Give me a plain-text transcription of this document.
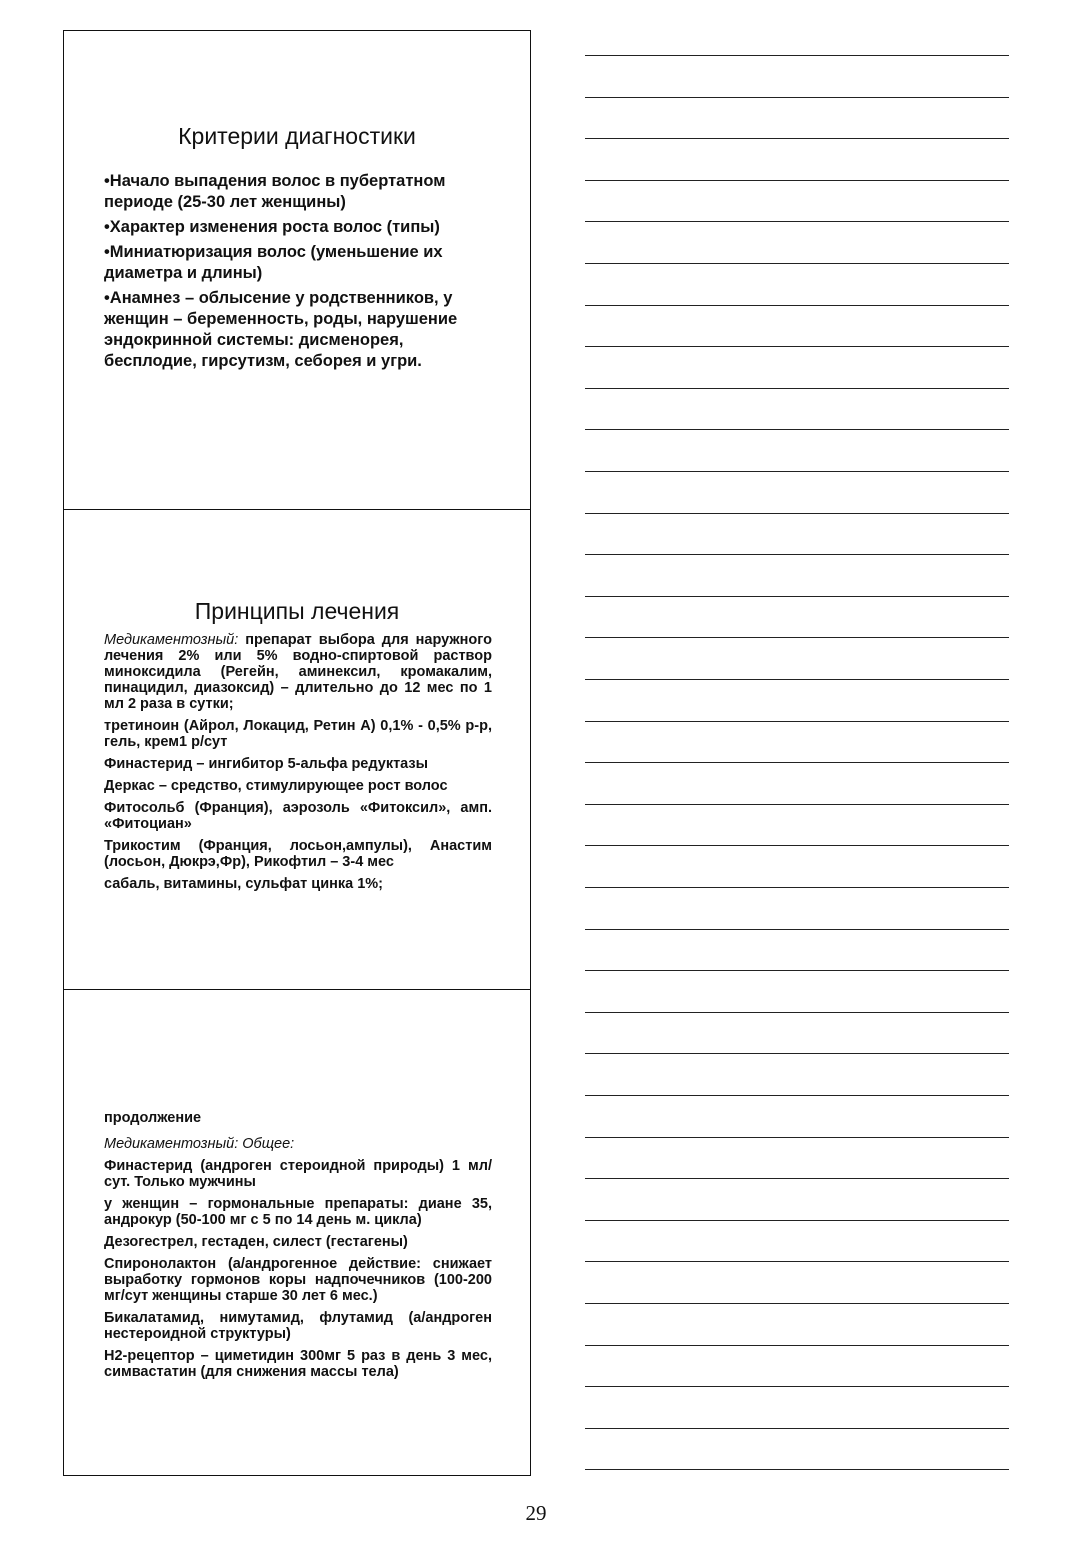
Критерии диагностики
•Начало выпадения волос в пубертатном периоде (25-30 лет женщины)
•Характер изменения роста волос (типы)
•Миниатюризация волос (уменьшение их диаметра и длины)
•Анамнез – облысение у родственников, у женщин – беременность, роды, нарушение эндокринной системы: дисменорея, бесплодие, гирсутизм, себорея и угри.
Принципы лечения
Медикаментозный: препарат выбора для наружного лечения 2% или 5% водно-спиртовой раствор миноксидила (Регейн, аминексил, кромакалим, пинацидил, диазоксид) – длительно до 12 мес по 1 мл 2 раза в сутки;
третиноин (Айрол, Локацид, Ретин А) 0,1% - 0,5% р-р, гель, крем1 р/сут
Финастерид – ингибитор 5-альфа редуктазы
Деркас – средство, стимулирующее рост волос
Фитосольб (Франция), аэрозоль «Фитоксил», амп. «Фитоциан»
Трикостим (Франция, лосьон,ампулы), Анастим (лосьон, Дюкрэ,Фр), Рикофтил – 3-4 мес
сабаль, витамины, сульфат цинка 1%;
продолжение
Медикаментозный: Общее:
Финастерид (андроген стероидной природы) 1 мл/ сут. Только мужчины
у женщин – гормональные препараты: диане 35, андрокур (50-100 мг с 5 по 14 день м. цикла)
Дезогестрел, гестаден, силест (гестагены)
Спиронолактон (а/андрогенное действие: снижает выработку гормонов коры надпочечников (100-200 мг/сут женщины старше 30 лет 6 мес.)
Бикалатамид, нимутамид, флутамид (а/андроген нестероидной структуры)
Н2-рецептор – циметидин 300мг 5 раз в день 3 мес, симвастатин (для снижения массы тела)
29
